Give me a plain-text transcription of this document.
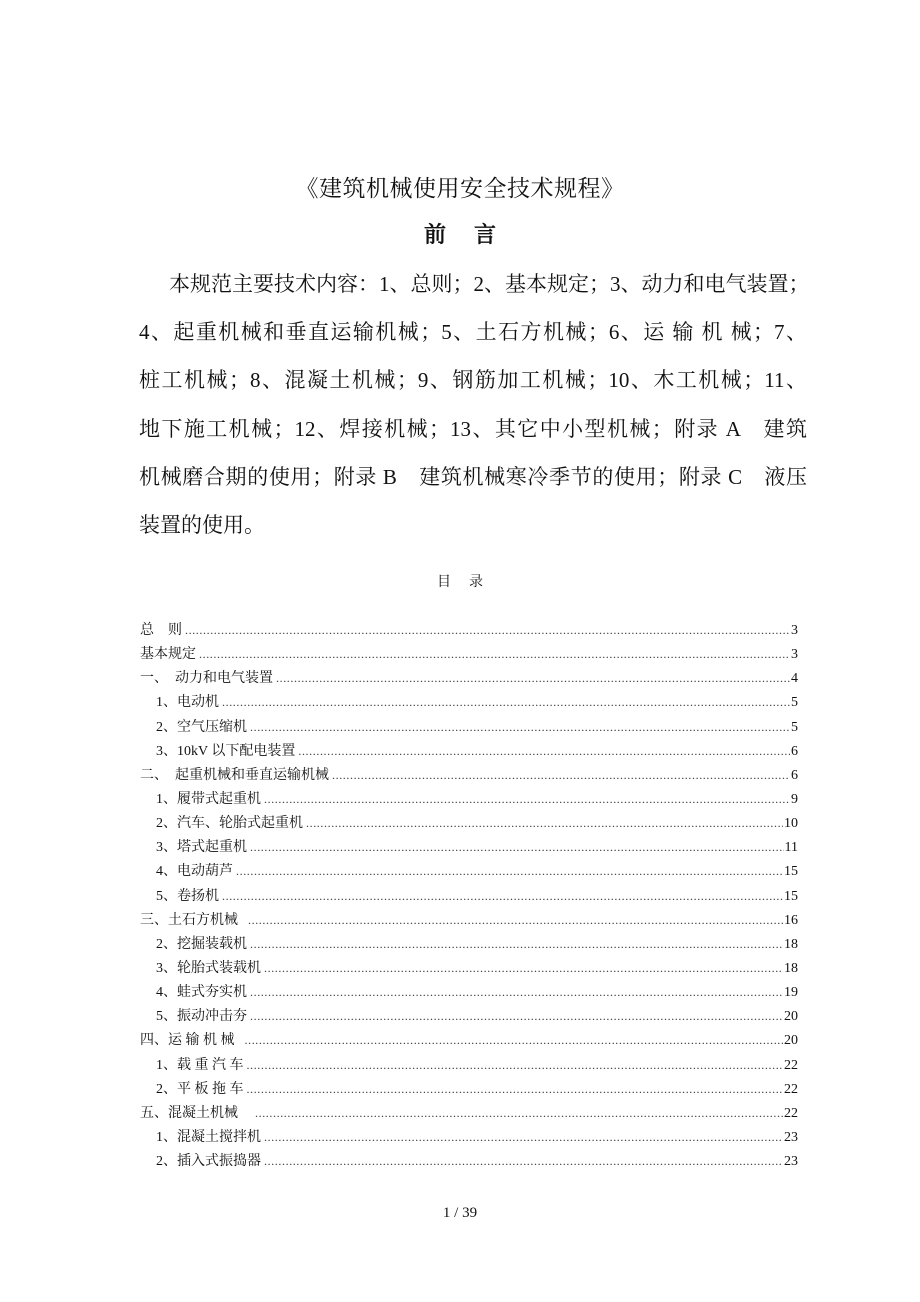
《建筑机械使用安全技术规程》
前 言
本规范主要技术内容：1、总则；2、基本规定；3、动力和电气装置；
4、起重机械和垂直运输机械；5、土石方机械；6、运 输 机 械；7、
桩工机械；8、混凝土机械；9、钢筋加工机械；10、木工机械；11、
地下施工机械；12、焊接机械；13、其它中小型机械；附录 A　建筑
机械磨合期的使用；附录 B　建筑机械寒冷季节的使用；附录 C　液压
装置的使用。
目 录
总　则 .....	3
基本规定 .....	3
一、  动力和电气装置 .....	4
1、电动机 .....	5
2、空气压缩机 .....	5
3、10kV 以下配电装置 .....	6
二、  起重机械和垂直运输机械 .....	6
1、履带式起重机 .....	9
2、汽车、轮胎式起重机 .....	10
3、塔式起重机 .....	11
4、电动葫芦 .....	15
5、卷扬机 .....	15
三、土石方机械 .....	16
2、挖掘装载机 .....	18
3、轮胎式装载机 .....	18
4、蛙式夯实机 .....	19
5、振动冲击夯 .....	20
四、运 输 机 械 .....	20
1、载 重 汽 车 .....	22
2、平 板 拖 车 .....	22
五、混凝土机械 .....	22
1、混凝土搅拌机 .....	23
2、插入式振捣器 .....	23
1 / 39
